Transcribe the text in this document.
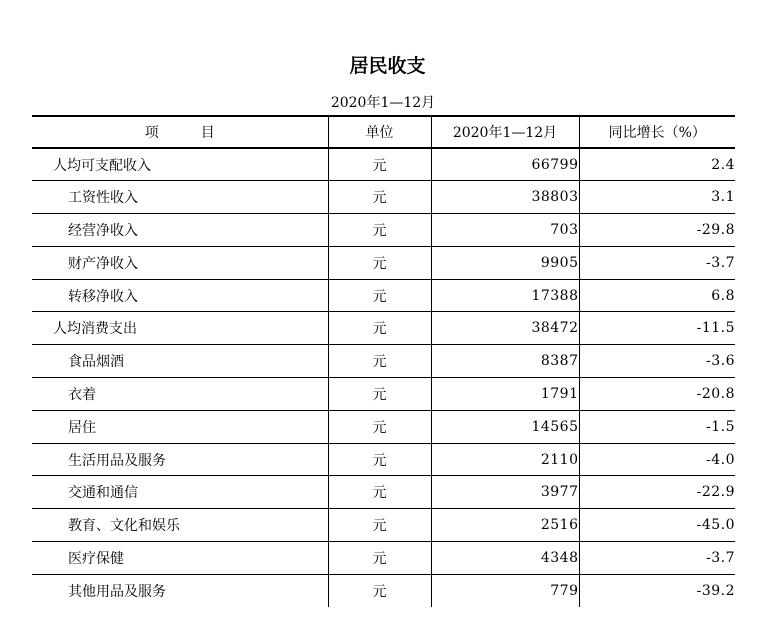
居民收支
2020年1—12月
项　　　目	单位	2020年1—12月	同比增长（%）
人均可支配收入	元	66799	2.4
工资性收入	元	38803	3.1
经营净收入	元	703	-29.8
财产净收入	元	9905	-3.7
转移净收入	元	17388	6.8
人均消费支出	元	38472	-11.5
食品烟酒	元	8387	-3.6
衣着	元	1791	-20.8
居住	元	14565	-1.5
生活用品及服务	元	2110	-4.0
交通和通信	元	3977	-22.9
教育、文化和娱乐	元	2516	-45.0
医疗保健	元	4348	-3.7
其他用品及服务	元	779	-39.2
